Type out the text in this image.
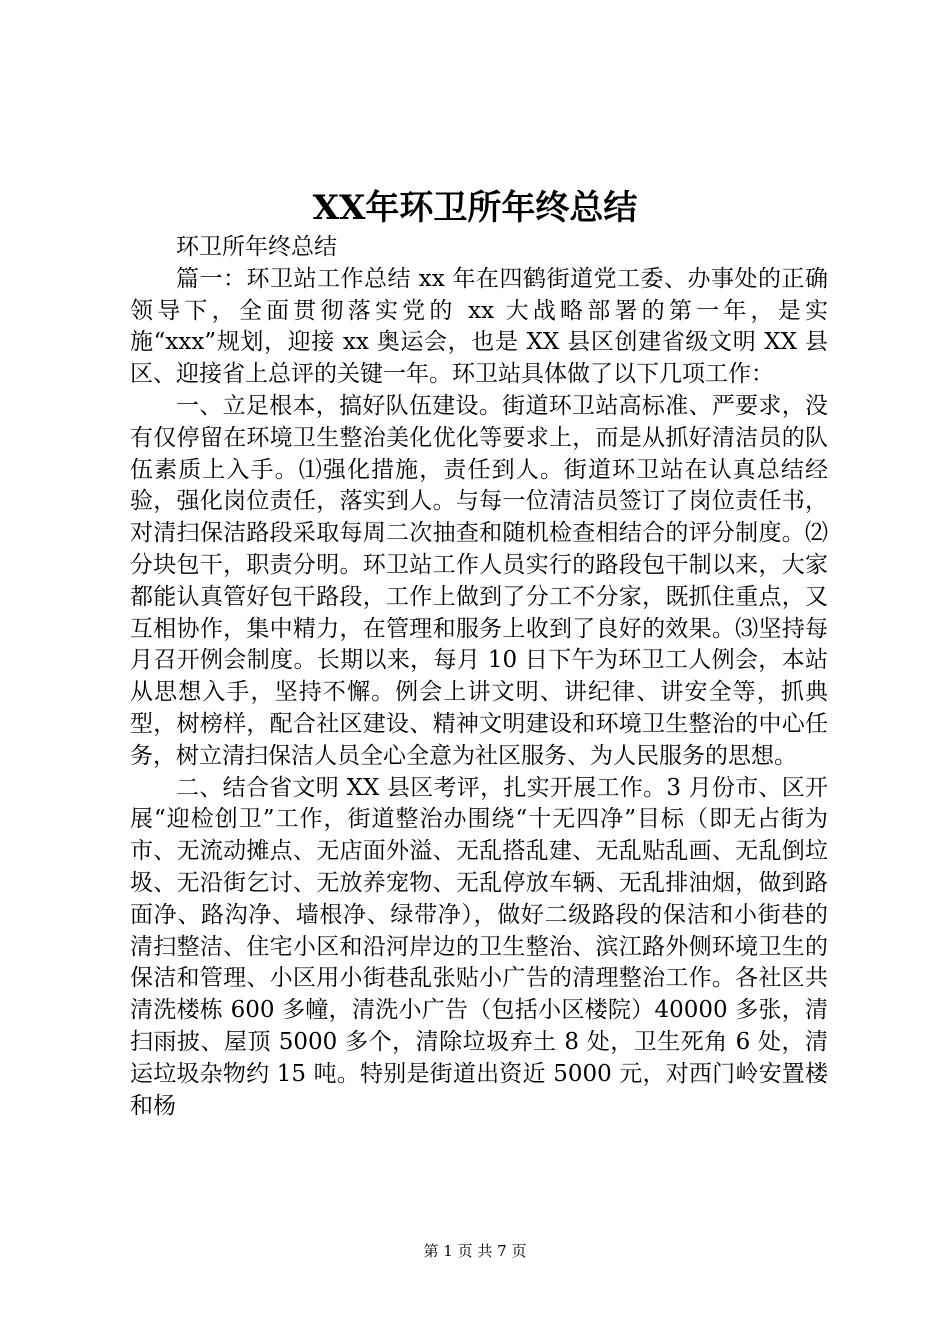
XX年环卫所年终总结

环卫所年终总结

篇一：环卫站工作总结 xx 年在四鹤街道党工委、办事处的正确领导下，全面贯彻落实党的 xx 大战略部署的第一年，是实施“xxx”规划，迎接 xx 奥运会，也是 XX 县区创建省级文明 XX 县区、迎接省上总评的关键一年。环卫站具体做了以下几项工作：

一、立足根本，搞好队伍建设。街道环卫站高标准、严要求，没有仅停留在环境卫生整治美化优化等要求上，而是从抓好清洁员的队伍素质上入手。⑴强化措施，责任到人。街道环卫站在认真总结经验，强化岗位责任，落实到人。与每一位清洁员签订了岗位责任书，对清扫保洁路段采取每周二次抽查和随机检查相结合的评分制度。⑵分块包干，职责分明。环卫站工作人员实行的路段包干制以来，大家都能认真管好包干路段，工作上做到了分工不分家，既抓住重点，又互相协作，集中精力，在管理和服务上收到了良好的效果。⑶坚持每月召开例会制度。长期以来，每月 10 日下午为环卫工人例会，本站从思想入手，坚持不懈。例会上讲文明、讲纪律、讲安全等，抓典型，树榜样，配合社区建设、精神文明建设和环境卫生整治的中心任务，树立清扫保洁人员全心全意为社区服务、为人民服务的思想。

二、结合省文明 XX 县区考评，扎实开展工作。3 月份市、区开展“迎检创卫”工作，街道整治办围绕“十无四净”目标（即无占街为市、无流动摊点、无店面外溢、无乱搭乱建、无乱贴乱画、无乱倒垃圾、无沿街乞讨、无放养宠物、无乱停放车辆、无乱排油烟，做到路面净、路沟净、墙根净、绿带净），做好二级路段的保洁和小街巷的清扫整洁、住宅小区和沿河岸边的卫生整治、滨江路外侧环境卫生的保洁和管理、小区用小街巷乱张贴小广告的清理整治工作。各社区共清洗楼栋 600 多幢，清洗小广告（包括小区楼院）40000 多张，清扫雨披、屋顶 5000 多个，清除垃圾弃土 8 处，卫生死角 6 处，清运垃圾杂物约 15 吨。特别是街道出资近 5000 元，对西门岭安置楼和杨

第 1 页 共 7 页
